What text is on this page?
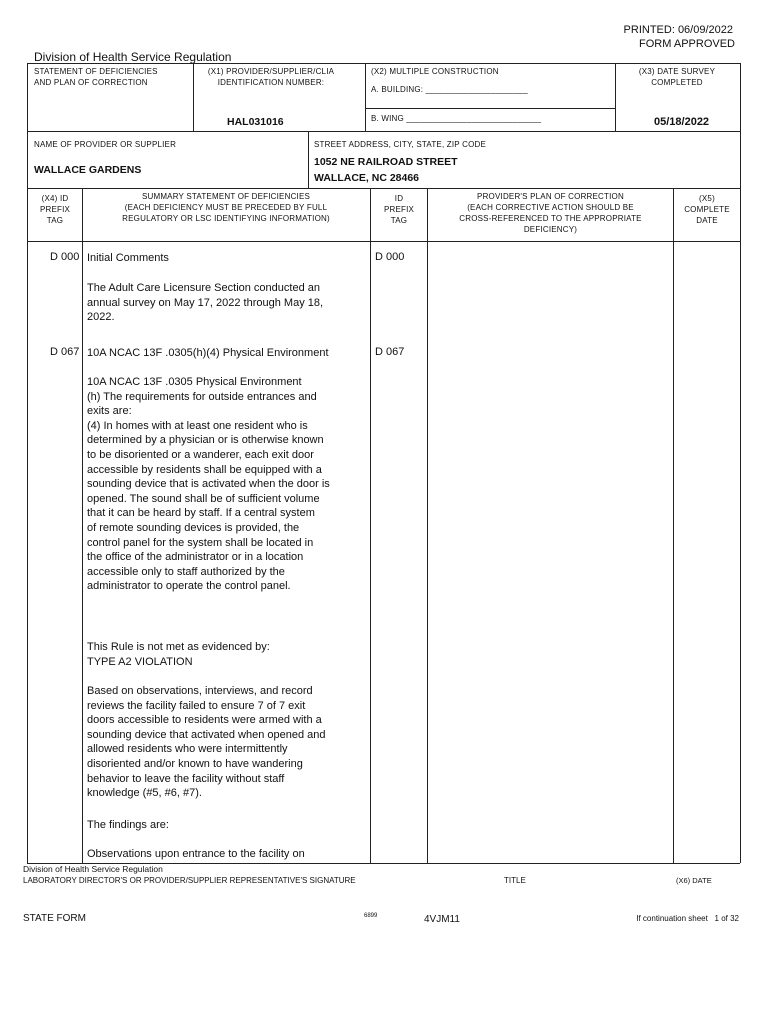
PRINTED: 06/09/2022
FORM APPROVED
Division of Health Service Regulation
STATEMENT OF DEFICIENCIES
AND PLAN OF CORRECTION
(X1) PROVIDER/SUPPLIER/CLIA
IDENTIFICATION NUMBER:
HAL031016
(X2) MULTIPLE CONSTRUCTION
A. BUILDING: ______________________
B. WING _____________________________
(X3) DATE SURVEY
COMPLETED
05/18/2022
NAME OF PROVIDER OR SUPPLIER
WALLACE GARDENS
STREET ADDRESS, CITY, STATE, ZIP CODE
1052 NE RAILROAD STREET
WALLACE, NC 28466
(X4) ID
PREFIX
TAG
SUMMARY STATEMENT OF DEFICIENCIES
(EACH DEFICIENCY MUST BE PRECEDED BY FULL
REGULATORY OR LSC IDENTIFYING INFORMATION)
ID
PREFIX
TAG
PROVIDER'S PLAN OF CORRECTION
(EACH CORRECTIVE ACTION SHOULD BE
CROSS-REFERENCED TO THE APPROPRIATE
DEFICIENCY)
(X5)
COMPLETE
DATE
D 000 Initial Comments	D 000
The Adult Care Licensure Section conducted an
annual survey on May 17, 2022 through May 18,
2022.
D 067 10A NCAC 13F .0305(h)(4) Physical Environment	D 067
10A NCAC 13F .0305 Physical Environment
(h) The requirements for outside entrances and
exits are:
(4) In homes with at least one resident who is
determined by a physician or is otherwise known
to be disoriented or a wanderer, each exit door
accessible by residents shall be equipped with a
sounding device that is activated when the door is
opened. The sound shall be of sufficient volume
that it can be heard by staff. If a central system
of remote sounding devices is provided, the
control panel for the system shall be located in
the office of the administrator or in a location
accessible only to staff authorized by the
administrator to operate the control panel.
This Rule is not met as evidenced by:
TYPE A2 VIOLATION
Based on observations, interviews, and record
reviews the facility failed to ensure 7 of 7 exit
doors accessible to residents were armed with a
sounding device that activated when opened and
allowed residents who were intermittently
disoriented and/or known to have wandering
behavior to leave the facility without staff
knowledge (#5, #6, #7).
The findings are:
Observations upon entrance to the facility on
Division of Health Service Regulation
LABORATORY DIRECTOR'S OR PROVIDER/SUPPLIER REPRESENTATIVE'S SIGNATURE	TITLE	(X6) DATE
STATE FORM	6899	4VJM11	If continuation sheet   1 of 32
